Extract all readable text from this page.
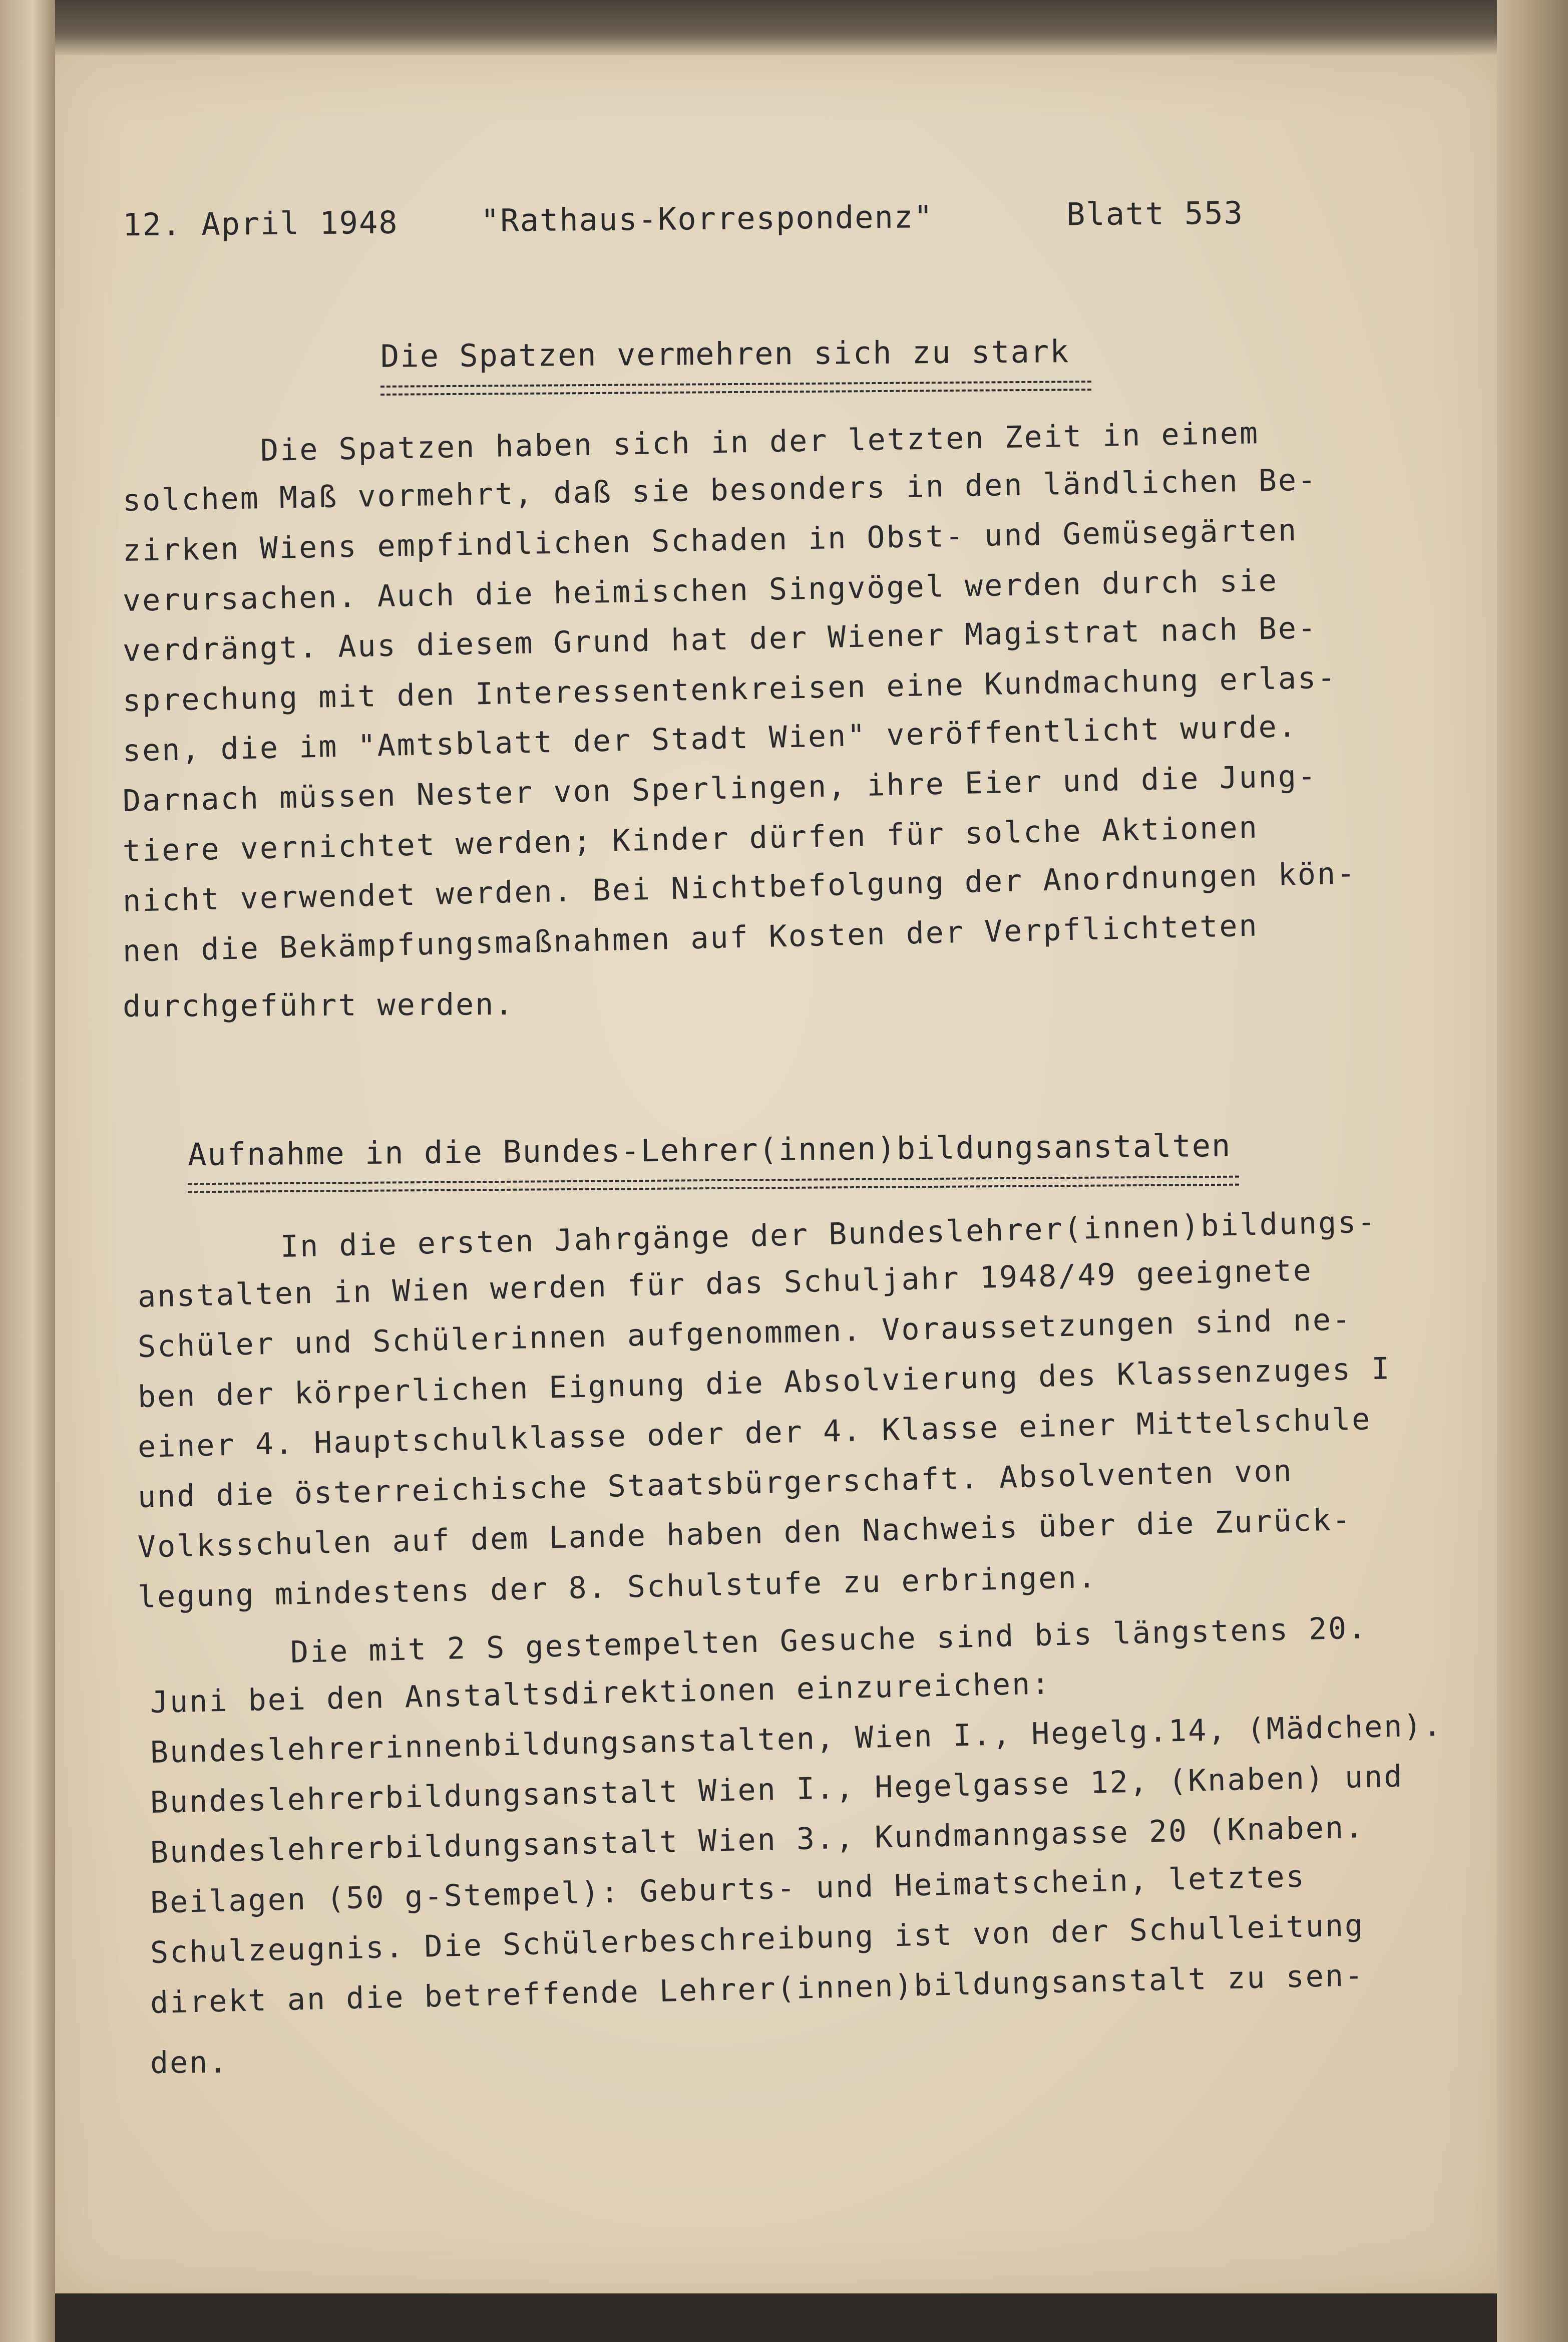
12. April 1948	"Rathaus-Korrespondenz"	Blatt 553
Die Spatzen vermehren sich zu stark
Die Spatzen haben sich in der letzten Zeit in einem
solchem Maß vormehrt, daß sie besonders in den ländlichen Be-
zirken Wiens empfindlichen Schaden in Obst- und Gemüsegärten
verursachen. Auch die heimischen Singvögel werden durch sie
verdrängt. Aus diesem Grund hat der Wiener Magistrat nach Be-
sprechung mit den Interessentenkreisen eine Kundmachung erlas-
sen, die im "Amtsblatt der Stadt Wien" veröffentlicht wurde.
Darnach müssen Nester von Sperlingen, ihre Eier und die Jung-
tiere vernichtet werden; Kinder dürfen für solche Aktionen
nicht verwendet werden. Bei Nichtbefolgung der Anordnungen kön-
nen die Bekämpfungsmaßnahmen auf Kosten der Verpflichteten
durchgeführt werden.
Aufnahme in die Bundes-Lehrer(innen)bildungsanstalten
In die ersten Jahrgänge der Bundeslehrer(innen)bildungs-
anstalten in Wien werden für das Schuljahr 1948/49 geeignete
Schüler und Schülerinnen aufgenommen. Voraussetzungen sind ne-
ben der körperlichen Eignung die Absolvierung des Klassenzuges I
einer 4. Hauptschulklasse oder der 4. Klasse einer Mittelschule
und die österreichische Staatsbürgerschaft. Absolventen von
Volksschulen auf dem Lande haben den Nachweis über die Zurück-
legung mindestens der 8. Schulstufe zu erbringen.
Die mit 2 S gestempelten Gesuche sind bis längstens 20.
Juni bei den Anstaltsdirektionen einzureichen:
Bundeslehrerinnenbildungsanstalten, Wien I., Hegelg.14, (Mädchen).
Bundeslehrerbildungsanstalt Wien I., Hegelgasse 12, (Knaben) und
Bundeslehrerbildungsanstalt Wien 3., Kundmanngasse 20 (Knaben.
Beilagen (50 g-Stempel): Geburts- und Heimatschein, letztes
Schulzeugnis. Die Schülerbeschreibung ist von der Schulleitung
direkt an die betreffende Lehrer(innen)bildungsanstalt zu sen-
den.
